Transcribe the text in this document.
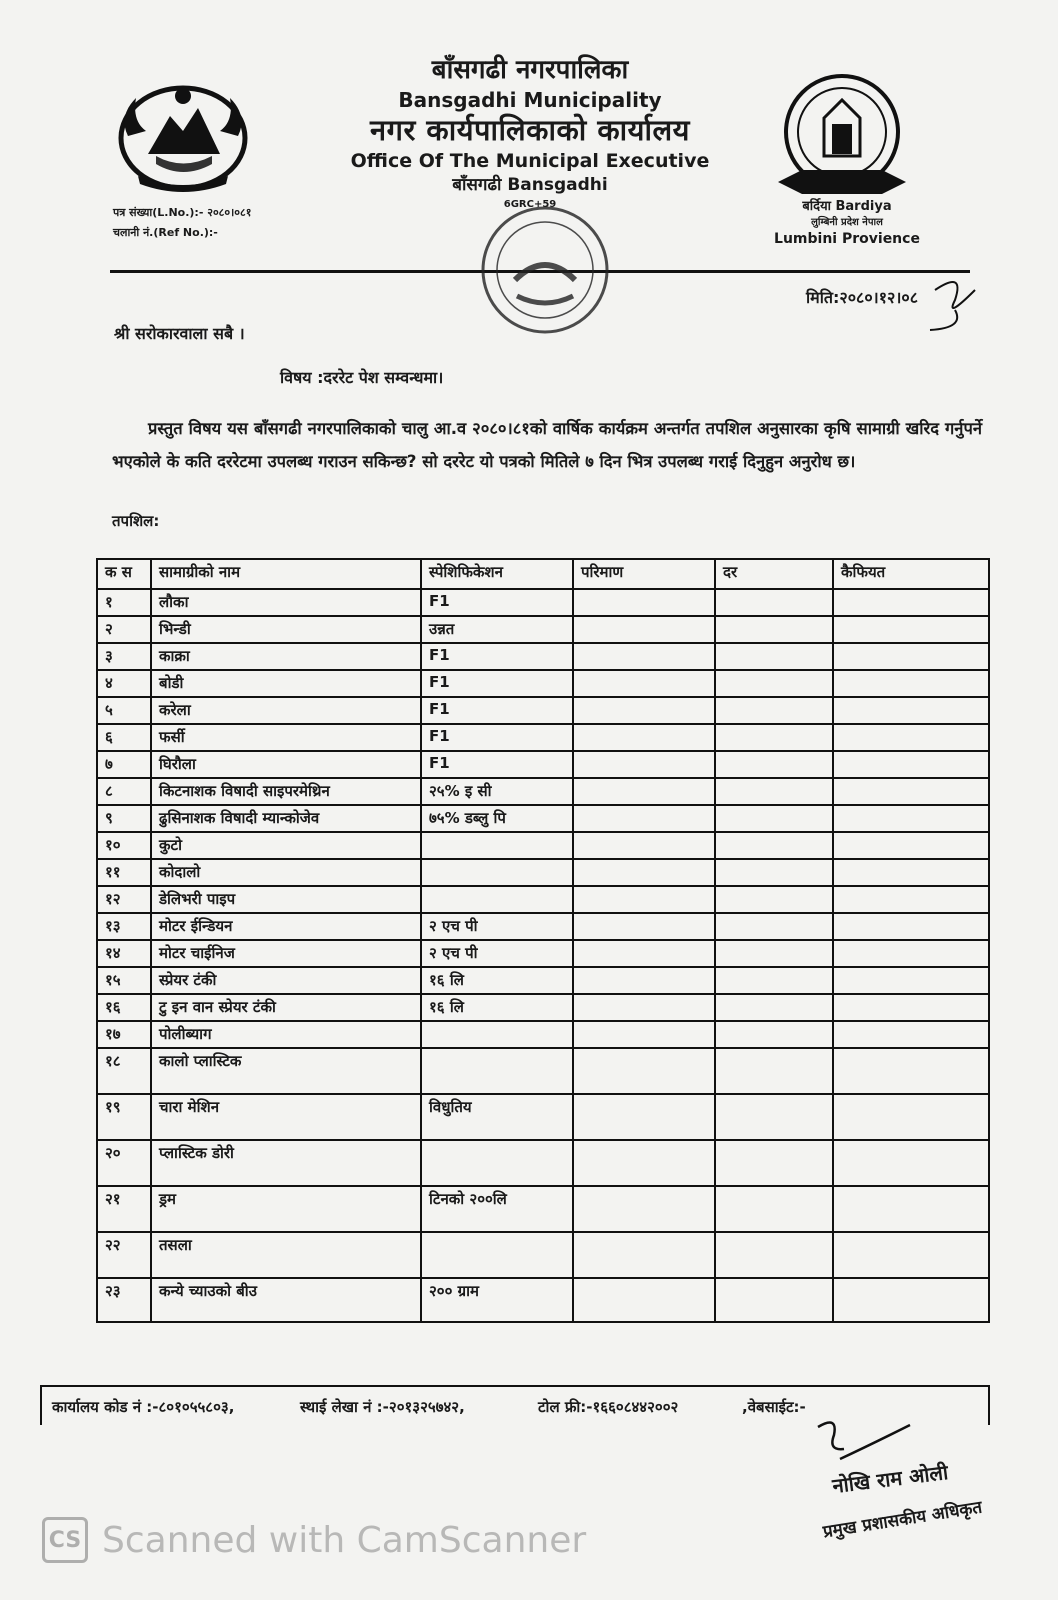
बर्दिया Bardiya
लुम्बिनी प्रदेश नेपाल
Lumbini Provience
बाँसगढी नगरपालिका
Bansgadhi Municipality
नगर कार्यपालिकाको कार्यालय
Office Of The Municipal Executive
बाँसगढी Bansgadhi
6GRC+59
पत्र संख्या(L.No.):- २०८०।०८१
चलानी नं.(Ref No.):-
मिति:२०८०।१२।०८
श्री सरोकारवाला सबै ।
विषय :दररेट पेश सम्वन्धमा।
प्रस्तुत विषय यस बाँसगढी नगरपालिकाको चालु आ.व २०८०।८१को वार्षिक कार्यक्रम अन्तर्गत तपशिल अनुसारका कृषि सामाग्री खरिद गर्नुपर्ने भएकोले के कति दररेटमा उपलब्ध गराउन सकिन्छ? सो दररेट यो पत्रको मितिले ७ दिन भित्र उपलब्ध गराई दिनुहुन अनुरोध छ।
तपशिल:
क स	सामाग्रीको नाम	स्पेशिफिकेशन	परिमाण	दर	कैफियत
१	लौका	F1			
२	भिन्डी	उन्नत			
३	काक्रा	F1			
४	बोडी	F1			
५	करेला	F1			
६	फर्सी	F1			
७	घिरौला	F1			
८	किटनाशक विषादी साइपरमेथ्रिन	२५% इ सी			
९	ढुसिनाशक विषादी म्यान्कोजेव	७५% डब्लु पि			
१०	कुटो				
११	कोदालो				
१२	डेलिभरी पाइप				
१३	मोटर ईन्डियन	२ एच पी			
१४	मोटर चाईनिज	२ एच पी			
१५	स्प्रेयर टंकी	१६ लि			
१६	टु इन वान स्प्रेयर टंकी	१६ लि			
१७	पोलीब्याग				
१८	कालो प्लास्टिक				
१९	चारा मेशिन	विधुतिय			
२०	प्लास्टिक डोरी				
२१	ड्रम	टिनको २००लि			
२२	तसला				
२३	कन्ये च्याउको बीउ	२०० ग्राम			
कार्यालय कोड नं :-८०१०५५८०३,	स्थाई लेखा नं :-२०१३२५७४२,	टोल फ्री:-१६६०८४४२००२	,वेबसाईट:-
नोखि राम ओली
प्रमुख प्रशासकीय अधिकृत
CS Scanned with CamScanner
